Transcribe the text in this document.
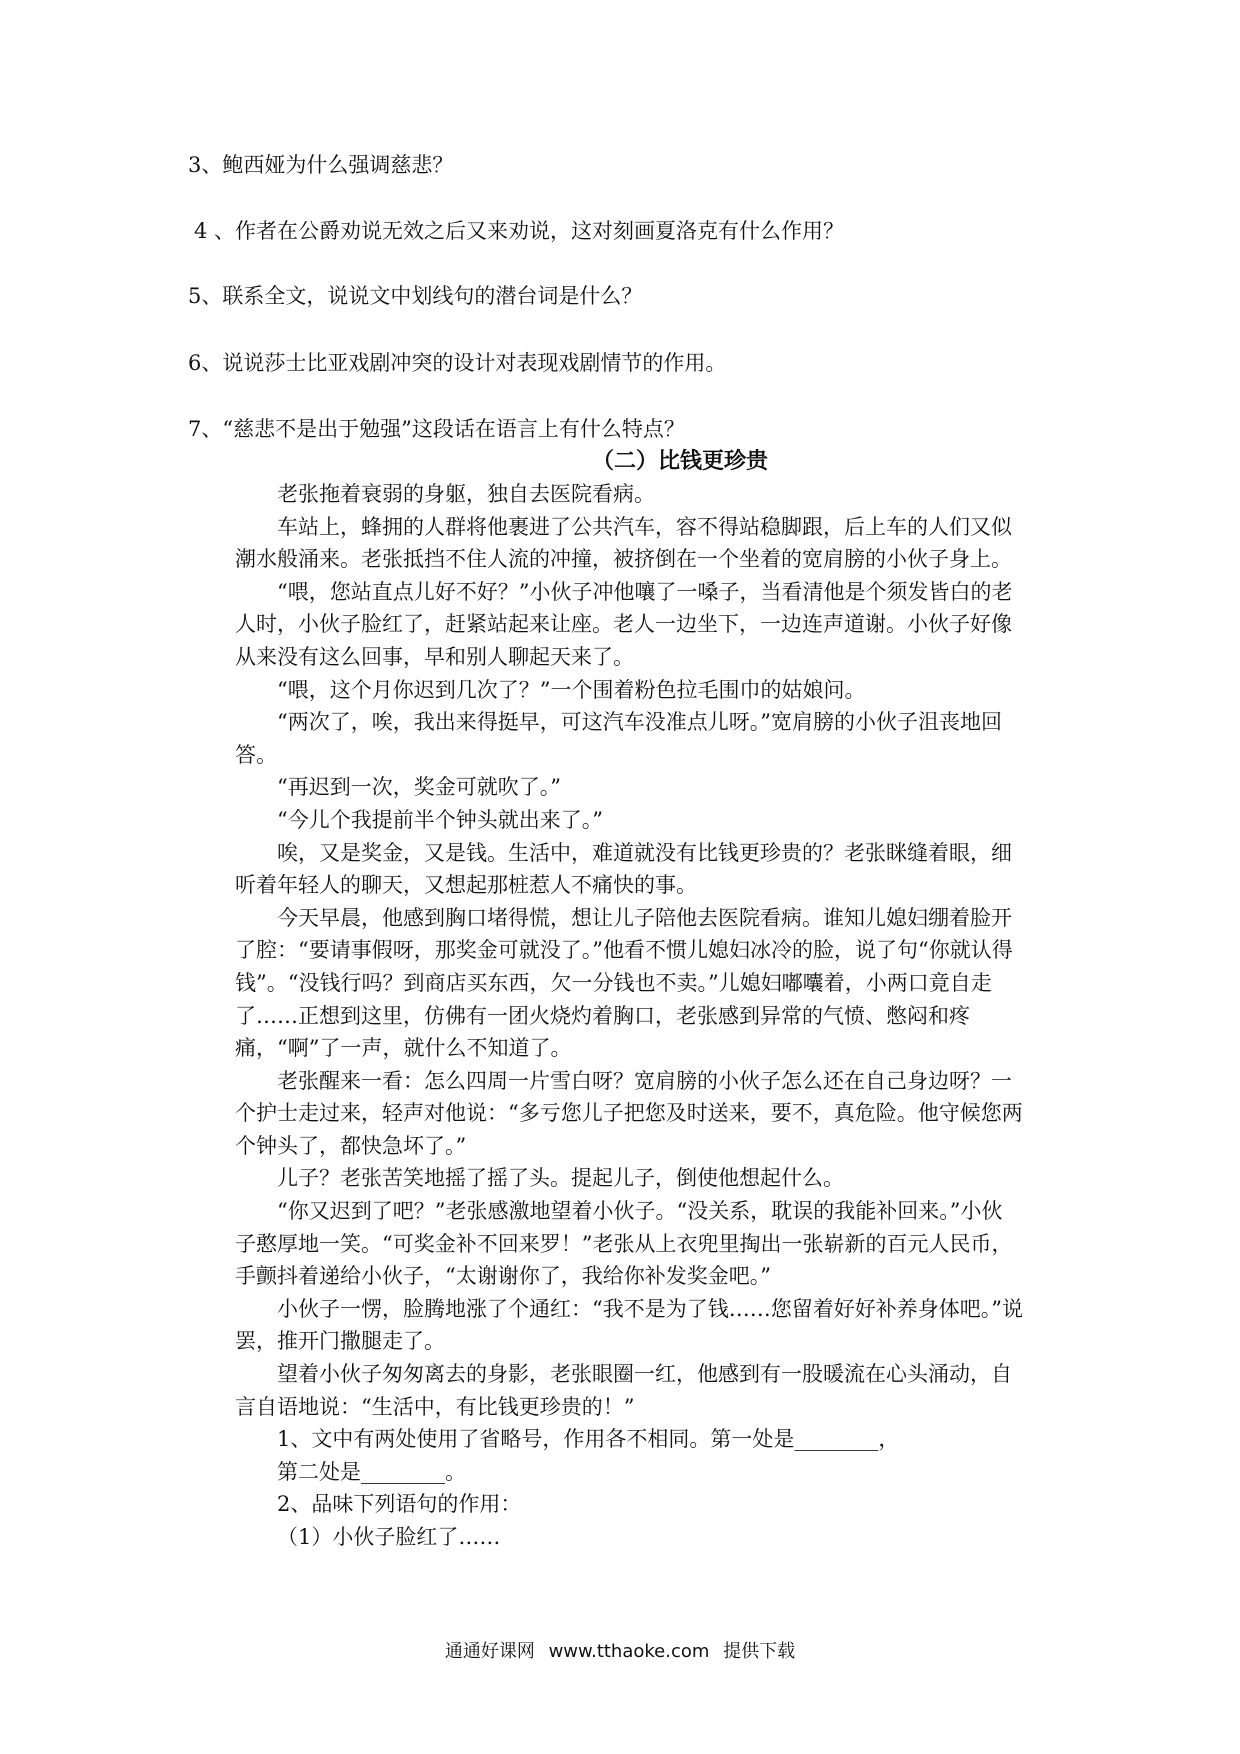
3、鲍西娅为什么强调慈悲？
4 、作者在公爵劝说无效之后又来劝说，这对刻画夏洛克有什么作用？
5、联系全文，说说文中划线句的潜台词是什么？
6、说说莎士比亚戏剧冲突的设计对表现戏剧情节的作用。
7、“慈悲不是出于勉强”这段话在语言上有什么特点？
（二）比钱更珍贵

老张拖着衰弱的身躯，独自去医院看病。

车站上，蜂拥的人群将他裹进了公共汽车，容不得站稳脚跟，后上车的人们又似潮水般涌来。老张抵挡不住人流的冲撞，被挤倒在一个坐着的宽肩膀的小伙子身上。

“喂，您站直点儿好不好？”小伙子冲他嚷了一嗓子，当看清他是个须发皆白的老人时，小伙子脸红了，赶紧站起来让座。老人一边坐下，一边连声道谢。小伙子好像从来没有这么回事，早和别人聊起天来了。

“喂，这个月你迟到几次了？”一个围着粉色拉毛围巾的姑娘问。

“两次了，唉，我出来得挺早，可这汽车没准点儿呀。”宽肩膀的小伙子沮丧地回答。

“再迟到一次，奖金可就吹了。”

“今儿个我提前半个钟头就出来了。”

唉，又是奖金，又是钱。生活中，难道就没有比钱更珍贵的？老张眯缝着眼，细听着年轻人的聊天，又想起那桩惹人不痛快的事。

今天早晨，他感到胸口堵得慌，想让儿子陪他去医院看病。谁知儿媳妇绷着脸开了腔：“要请事假呀，那奖金可就没了。”他看不惯儿媳妇冰冷的脸，说了句“你就认得钱”。“没钱行吗？到商店买东西，欠一分钱也不卖。”儿媳妇嘟囔着，小两口竟自走了……正想到这里，仿佛有一团火烧灼着胸口，老张感到异常的气愤、憋闷和疼痛，“啊”了一声，就什么不知道了。

老张醒来一看：怎么四周一片雪白呀？宽肩膀的小伙子怎么还在自己身边呀？一个护士走过来，轻声对他说：“多亏您儿子把您及时送来，要不，真危险。他守候您两个钟头了，都快急坏了。”

儿子？老张苦笑地摇了摇了头。提起儿子，倒使他想起什么。

“你又迟到了吧？”老张感激地望着小伙子。“没关系，耽误的我能补回来。”小伙子憨厚地一笑。“可奖金补不回来罗！”老张从上衣兜里掏出一张崭新的百元人民币，手颤抖着递给小伙子，“太谢谢你了，我给你补发奖金吧。”

小伙子一愣，脸腾地涨了个通红：“我不是为了钱……您留着好好补养身体吧。”说罢，推开门撒腿走了。

望着小伙子匆匆离去的身影，老张眼圈一红，他感到有一股暖流在心头涌动，自言自语地说：“生活中，有比钱更珍贵的！”

1、文中有两处使用了省略号，作用各不相同。第一处是________，

第二处是________。

2、品味下列语句的作用：

（1）小伙子脸红了……

通通好课网 www.tthaoke.com 提供下载
